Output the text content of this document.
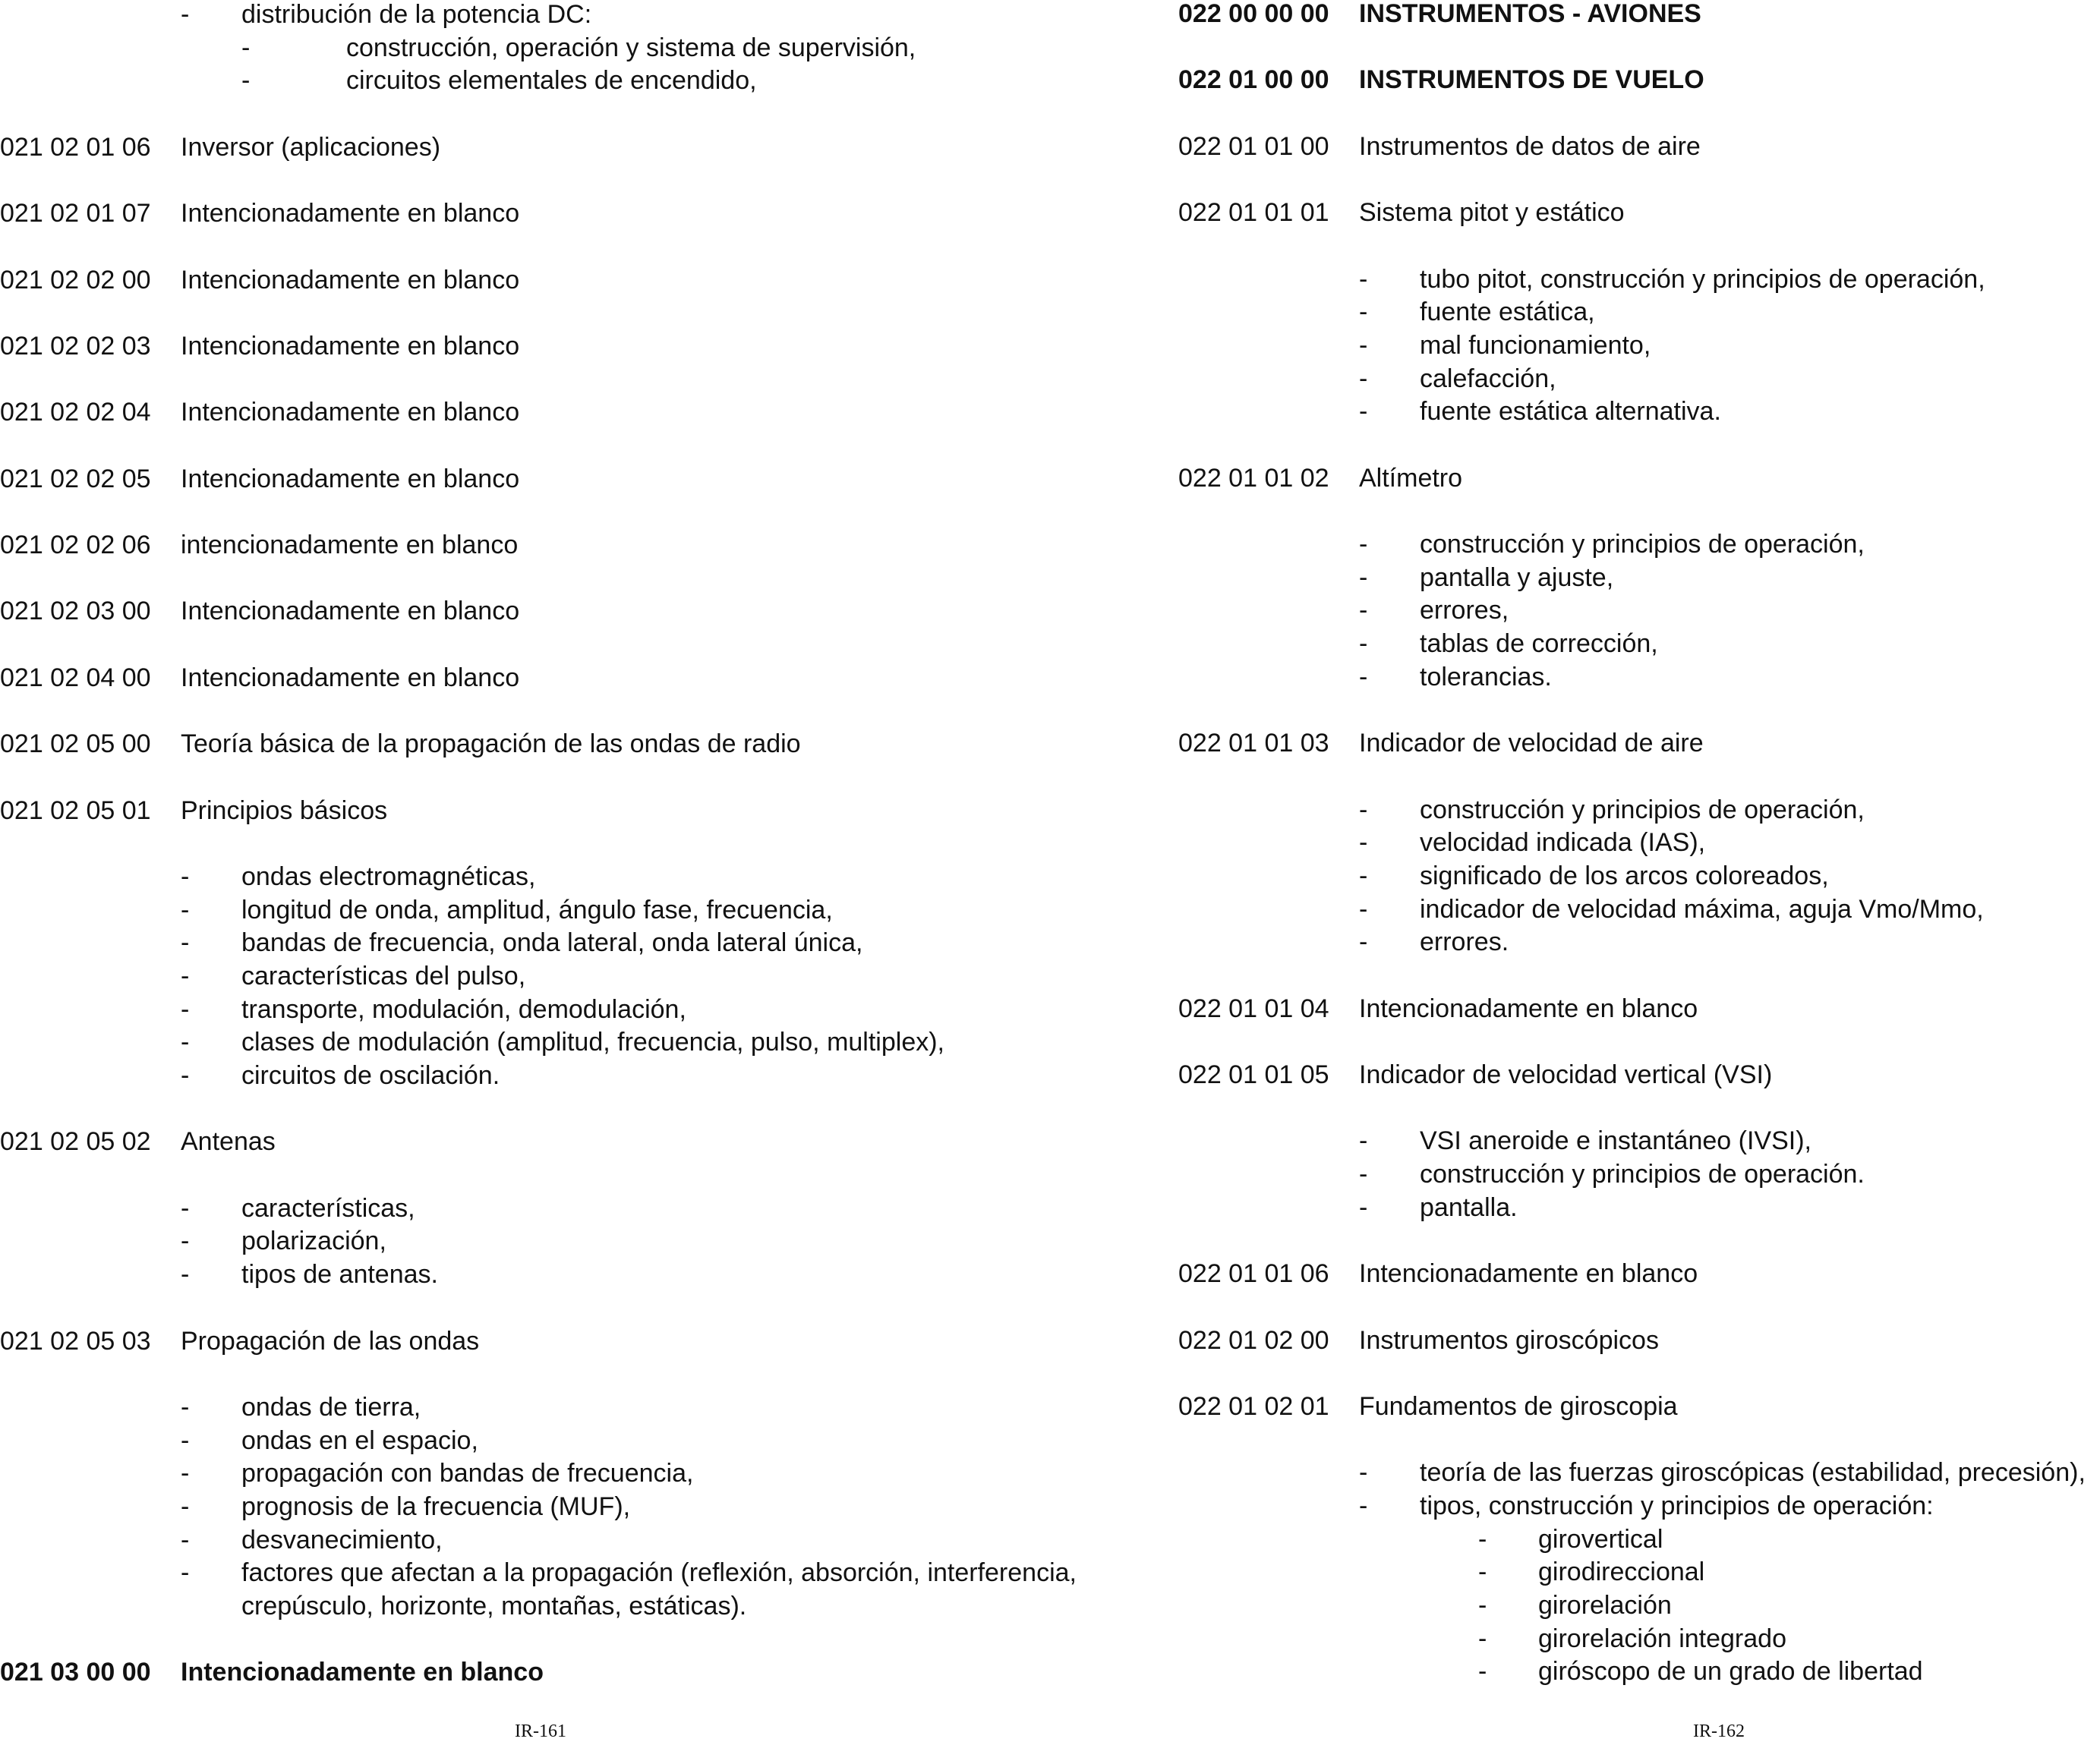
- distribución de la potencia DC:
-	construcción, operación y sistema de supervisión,
-	circuitos elementales de encendido,
021 02 01 06 Inversor (aplicaciones)
021 02 01 07 Intencionadamente en blanco
021 02 02 00 Intencionadamente en blanco
021 02 02 03 Intencionadamente en blanco
021 02 02 04 Intencionadamente en blanco
021 02 02 05 Intencionadamente en blanco
021 02 02 06 intencionadamente en blanco
021 02 03 00 Intencionadamente en blanco
021 02 04 00 Intencionadamente en blanco
021 02 05 00 Teoría básica de la propagación de las ondas de radio
021 02 05 01 Principios básicos
- ondas electromagnéticas,
- longitud de onda, amplitud, ángulo fase, frecuencia,
- bandas de frecuencia, onda lateral, onda lateral única,
- características del pulso,
- transporte, modulación, demodulación,
- clases de modulación (amplitud, frecuencia, pulso, multiplex),
- circuitos de oscilación.
021 02 05 02 Antenas
- características,
- polarización,
- tipos de antenas.
021 02 05 03 Propagación de las ondas
- ondas de tierra,
- ondas en el espacio,
- propagación con bandas de frecuencia,
- prognosis de la frecuencia (MUF),
- desvanecimiento,
- factores que afectan a la propagación (reflexión, absorción, interferencia,
crepúsculo, horizonte, montañas, estáticas).
021 03 00 00 Intencionadamente en blanco
IR-161
022 00 00 00 INSTRUMENTOS - AVIONES
022 01 00 00 INSTRUMENTOS DE VUELO
022 01 01 00 Instrumentos de datos de aire
022 01 01 01 Sistema pitot y estático
- tubo pitot, construcción y principios de operación,
- fuente estática,
- mal funcionamiento,
- calefacción,
- fuente estática alternativa.
022 01 01 02 Altímetro
- construcción y principios de operación,
- pantalla y ajuste,
- errores,
- tablas de corrección,
- tolerancias.
022 01 01 03 Indicador de velocidad de aire
- construcción y principios de operación,
- velocidad indicada (IAS),
- significado de los arcos coloreados,
- indicador de velocidad máxima, aguja Vmo/Mmo,
- errores.
022 01 01 04 Intencionadamente en blanco
022 01 01 05 Indicador de velocidad vertical (VSI)
- VSI aneroide e instantáneo (IVSI),
- construcción y principios de operación.
- pantalla.
022 01 01 06 Intencionadamente en blanco
022 01 02 00 Instrumentos giroscópicos
022 01 02 01 Fundamentos de giroscopia
- teoría de las fuerzas giroscópicas (estabilidad, precesión),
- tipos, construcción y principios de operación:
- girovertical
- girodireccional
- girorelación
- girorelación integrado
- giróscopo de un grado de libertad
IR-162
